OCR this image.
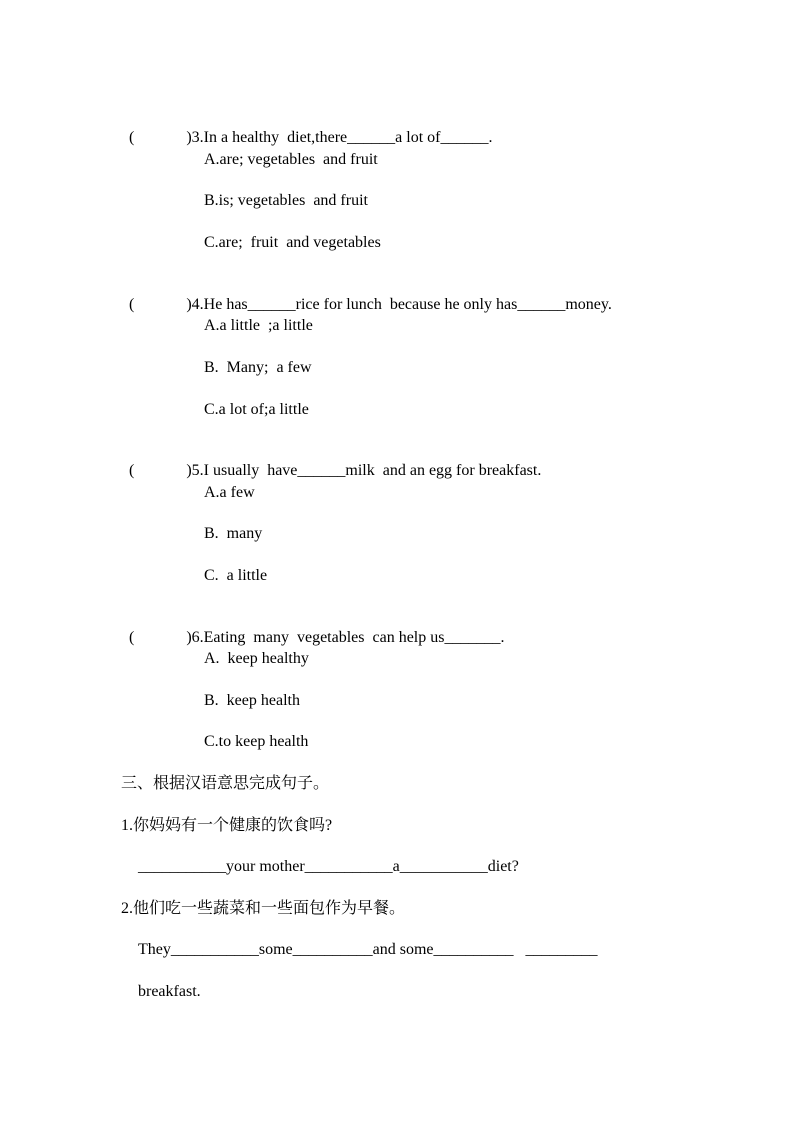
(	)3.In a healthy  diet,there______a lot of______.

A.are; vegetables  and fruit
B.is; vegetables  and fruit
C.are;  fruit  and vegetables

(	)4.He has______rice for lunch  because he only has______money.

A.a little  ;a little
B.  Many;  a few
C.a lot of;a little

(	)5.I usually  have______milk  and an egg for breakfast.

A.a few
B.  many
C.  a little

(	)6.Eating  many  vegetables  can help us_______.

A.  keep healthy
B.  keep health
C.to keep health
三、根据汉语意思完成句子。
1.你妈妈有一个健康的饮食吗?
___________your mother___________a___________diet?
2.他们吃一些蔬菜和一些面包作为早餐。
They___________some__________and some__________   _________
breakfast.
